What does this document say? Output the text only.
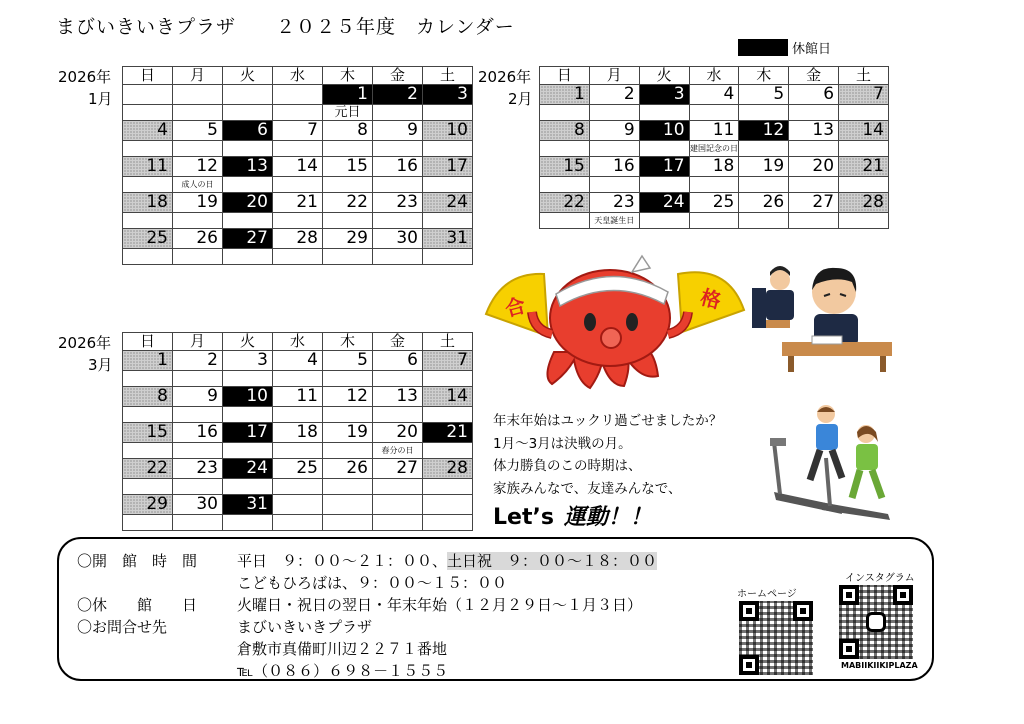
まびいきいきプラザ　　２０２５年度　カレンダー
休館日
2026年
1月
日	月	火	水	木	金	土
				1	2	3
				元日		
4	5	6	7	8	9	10

11	12	13	14	15	16	17
	成人の日					
18	19	20	21	22	23	24

25	26	27	28	29	30	31

2026年
2月
日	月	火	水	木	金	土
1	2	3	4	5	6	7

8	9	10	11	12	13	14
			建国記念の日			
15	16	17	18	19	20	21

22	23	24	25	26	27	28
	天皇誕生日					
2026年
3月
日	月	火	水	木	金	土
1	2	3	4	5	6	7

8	9	10	11	12	13	14

15	16	17	18	19	20	21
					春分の日	
22	23	24	25	26	27	28

29	30	31				

合	格
年末年始はユックリ過ごせましたか？
1月～3月は決戦の月。
体力勝負のこの時期は、
家族みんなで、友達みんなで、
Let’s 運動！！
〇開　館　時　間	平日　９：００～２１：００、土日祝　９：００～１８：００
こどもひろばは、９：００～１５：００
〇休　　館　　日	火曜日・祝日の翌日・年末年始（１２月２９日～１月３日）
〇お問合せ先	まびいきいきプラザ
倉敷市真備町川辺２２７１番地
℡（０８６）６９８－１５５５
ホームページ
インスタグラム
MABIIKIIKIPLAZA
